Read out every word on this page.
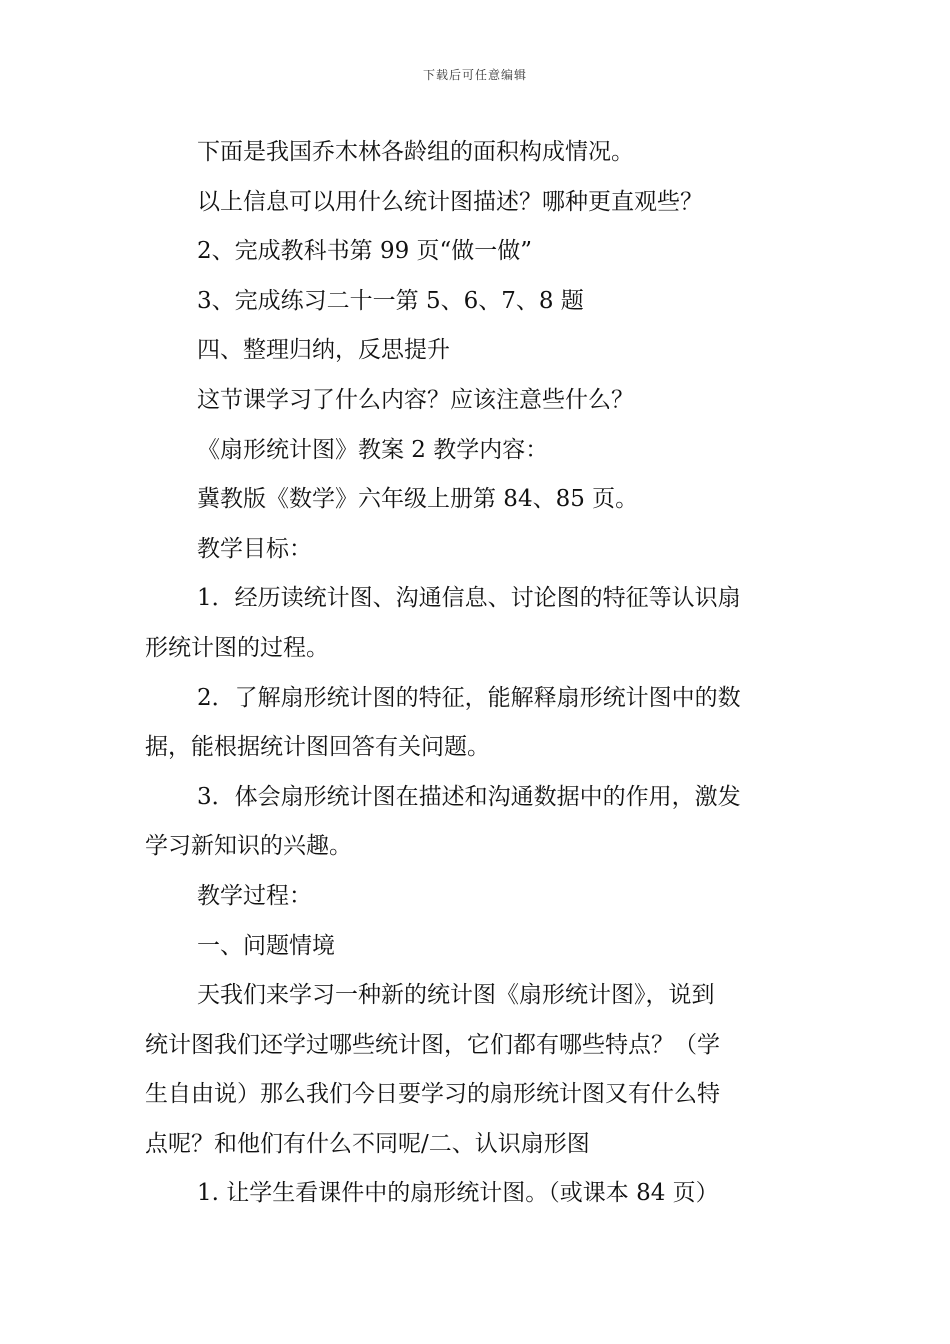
下载后可任意编辑

下面是我国乔木林各龄组的面积构成情况。

以上信息可以用什么统计图描述？哪种更直观些？

2、完成教科书第 99 页“做一做”

3、完成练习二十一第 5、6、7、8 题

四、整理归纳，反思提升

这节课学习了什么内容？应该注意些什么？

《扇形统计图》教案 2 教学内容：

冀教版《数学》六年级上册第 84、85 页。

教学目标：

1．经历读统计图、沟通信息、讨论图的特征等认识扇

形统计图的过程。

2．了解扇形统计图的特征，能解释扇形统计图中的数

据，能根据统计图回答有关问题。

3．体会扇形统计图在描述和沟通数据中的作用，激发

学习新知识的兴趣。

教学过程：

一、问题情境

天我们来学习一种新的统计图《扇形统计图》，说到

统计图我们还学过哪些统计图，它们都有哪些特点？（学

生自由说）那么我们今日要学习的扇形统计图又有什么特

点呢？和他们有什么不同呢/二、认识扇形图

1. 让学生看课件中的扇形统计图。（或课本 84 页）
